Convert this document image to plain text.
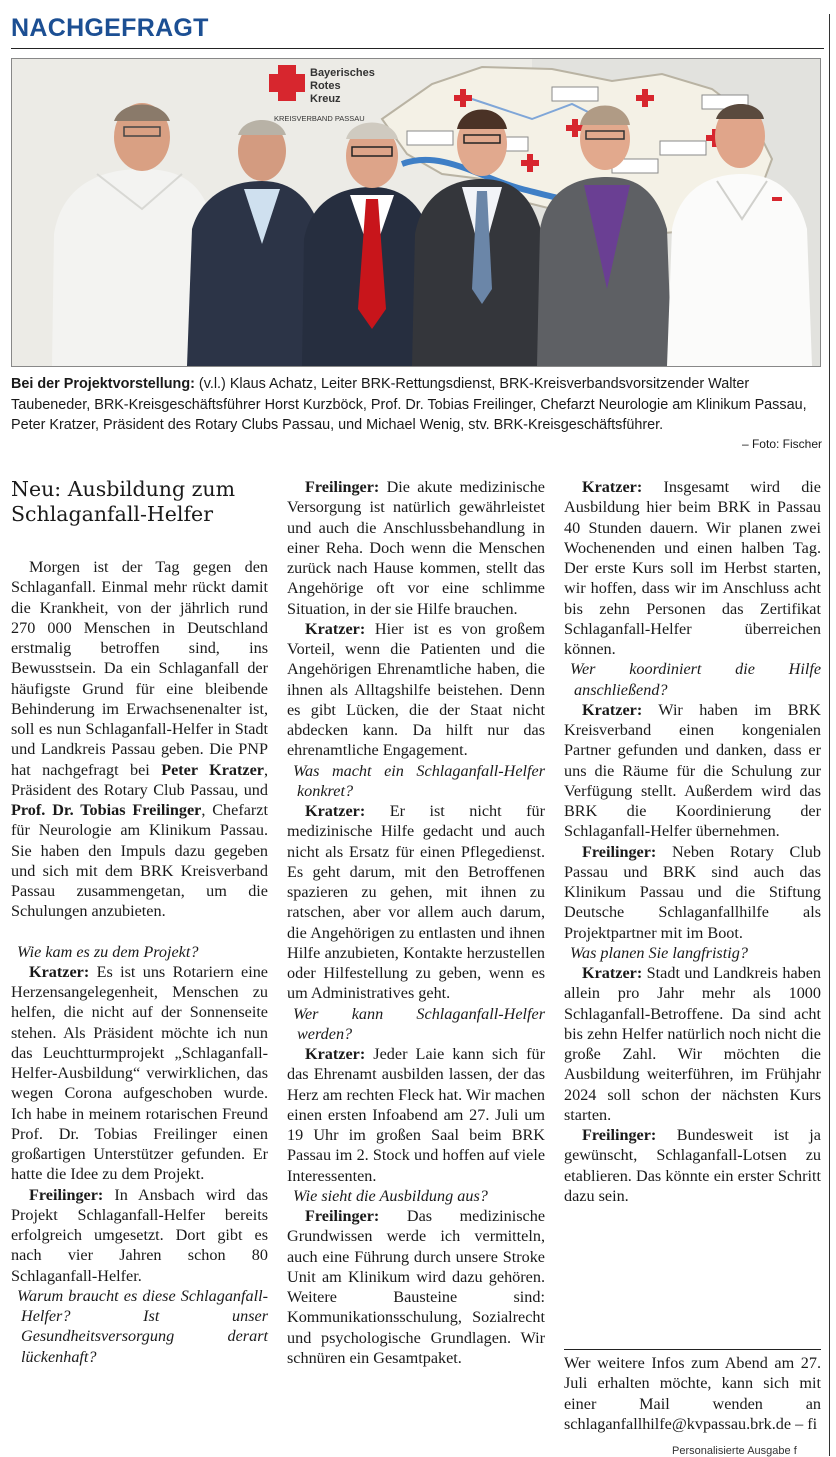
NACHGEFRAGT
Bayerisches
Rotes
Kreuz
KREISVERBAND PASSAU
Bei der Projektvorstellung: (v.l.) Klaus Achatz, Leiter BRK-Rettungsdienst, BRK-Kreisverbandsvorsitzender Walter Taubeneder, BRK-Kreisgeschäftsführer Horst Kurzböck, Prof. Dr. Tobias Freilinger, Chefarzt Neurologie am Klinikum Passau, Peter Kratzer, Präsident des Rotary Clubs Passau, und Michael Wenig, stv. BRK-Kreisgeschäftsführer.
– Foto: Fischer
Neu: Ausbildung zum Schlaganfall-Helfer

Morgen ist der Tag gegen den Schlaganfall. Einmal mehr rückt damit die Krankheit, von der jährlich rund 270 000 Menschen in Deutschland erstmalig betroffen sind, ins Bewusstsein. Da ein Schlaganfall der häufigste Grund für eine bleibende Behinderung im Erwachsenenalter ist, soll es nun Schlaganfall-Helfer in Stadt und Landkreis Passau geben. Die PNP hat nachgefragt bei Peter Kratzer, Präsident des Rotary Club Passau, und Prof. Dr. Tobias Freilinger, Chefarzt für Neurologie am Klinikum Passau. Sie haben den Impuls dazu gegeben und sich mit dem BRK Kreisverband Passau zusammengetan, um die Schulungen anzubieten.

Wie kam es zu dem Projekt?

Kratzer: Es ist uns Rotariern eine Herzensangelegenheit, Menschen zu helfen, die nicht auf der Sonnenseite stehen. Als Präsident möchte ich nun das Leuchtturmprojekt „Schlaganfall-Helfer-Ausbildung“ verwirklichen, das wegen Corona aufgeschoben wurde. Ich habe in meinem rotarischen Freund Prof. Dr. Tobias Freilinger einen großartigen Unterstützer gefunden. Er hatte die Idee zu dem Projekt.

Freilinger: In Ansbach wird das Projekt Schlaganfall-Helfer bereits erfolgreich umgesetzt. Dort gibt es nach vier Jahren schon 80 Schlaganfall-Helfer.

Warum braucht es diese Schlaganfall-Helfer? Ist unser Gesundheitsversorgung derart lückenhaft?

Freilinger: Die akute medizinische Versorgung ist natürlich gewährleistet und auch die Anschlussbehandlung in einer Reha. Doch wenn die Menschen zurück nach Hause kommen, stellt das Angehörige oft vor eine schlimme Situation, in der sie Hilfe brauchen.

Kratzer: Hier ist es von großem Vorteil, wenn die Patienten und die Angehörigen Ehrenamtliche haben, die ihnen als Alltagshilfe beistehen. Denn es gibt Lücken, die der Staat nicht abdecken kann. Da hilft nur das ehrenamtliche Engagement.

Was macht ein Schlaganfall-Helfer konkret?

Kratzer: Er ist nicht für medizinische Hilfe gedacht und auch nicht als Ersatz für einen Pflegedienst. Es geht darum, mit den Betroffenen spazieren zu gehen, mit ihnen zu ratschen, aber vor allem auch darum, die Angehörigen zu entlasten und ihnen Hilfe anzubieten, Kontakte herzustellen oder Hilfestellung zu geben, wenn es um Administratives geht.

Wer kann Schlaganfall-Helfer werden?

Kratzer: Jeder Laie kann sich für das Ehrenamt ausbilden lassen, der das Herz am rechten Fleck hat. Wir machen einen ersten Infoabend am 27. Juli um 19 Uhr im großen Saal beim BRK Passau im 2. Stock und hoffen auf viele Interessenten.

Wie sieht die Ausbildung aus?

Freilinger: Das medizinische Grundwissen werde ich vermitteln, auch eine Führung durch unsere Stroke Unit am Klinikum wird dazu gehören. Weitere Bausteine sind: Kommunikationsschulung, Sozialrecht und psychologische Grundlagen. Wir schnüren ein Gesamtpaket.

Kratzer: Insgesamt wird die Ausbildung hier beim BRK in Passau 40 Stunden dauern. Wir planen zwei Wochenenden und einen halben Tag. Der erste Kurs soll im Herbst starten, wir hoffen, dass wir im Anschluss acht bis zehn Personen das Zertifikat Schlaganfall-Helfer überreichen können.

Wer koordiniert die Hilfe anschließend?

Kratzer: Wir haben im BRK Kreisverband einen kongenialen Partner gefunden und danken, dass er uns die Räume für die Schulung zur Verfügung stellt. Außerdem wird das BRK die Koordinierung der Schlaganfall-Helfer übernehmen.

Freilinger: Neben Rotary Club Passau und BRK sind auch das Klinikum Passau und die Stiftung Deutsche Schlaganfallhilfe als Projektpartner mit im Boot.

Was planen Sie langfristig?

Kratzer: Stadt und Landkreis haben allein pro Jahr mehr als 1000 Schlaganfall-Betroffene. Da sind acht bis zehn Helfer natürlich noch nicht die große Zahl. Wir möchten die Ausbildung weiterführen, im Frühjahr 2024 soll schon der nächsten Kurs starten.

Freilinger: Bundesweit ist ja gewünscht, Schlaganfall-Lotsen zu etablieren. Das könnte ein erster Schritt dazu sein.

Wer weitere Infos zum Abend am 27. Juli erhalten möchte, kann sich mit einer Mail wenden an schlaganfallhilfe@kvpassau.brk.de – fi

Personalisierte Ausgabe f
